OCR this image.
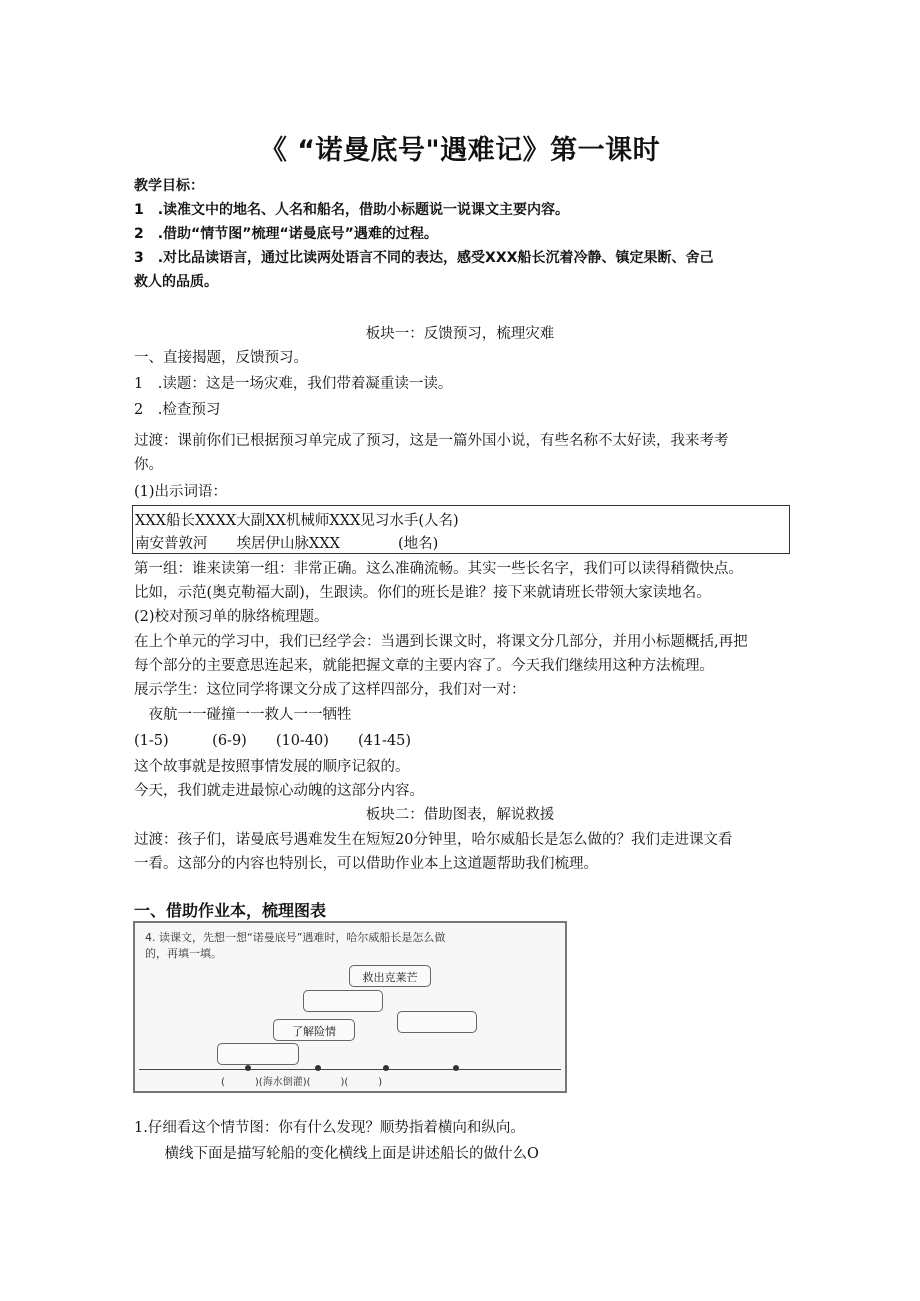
《 “诺曼底号"遇难记》第一课时
教学目标：
1　.读准文中的地名、人名和船名，借助小标题说一说课文主要内容。
2　.借助“情节图”梳理“诺曼底号”遇难的过程。
3　.对比品读语言，通过比读两处语言不同的表达，感受XXX船长沉着冷静、镇定果断、舍己
救人的品质。
板块一：反馈预习，梳理灾难
一、直接揭题，反馈预习。
1　.读题：这是一场灾难，我们带着凝重读一读。
2　.检查预习
过渡：课前你们已根据预习单完成了预习，这是一篇外国小说，有些名称不太好读，我来考考
你。
(1)出示词语：
XXX船长XXXX大副XX机械师XXX见习水手(人名)
南安普敦河　　埃居伊山脉XXX　　　　(地名)
第一组：谁来读第一组：非常正确。这么准确流畅。其实一些长名字，我们可以读得稍微快点。
比如，示范(奥克勒福大副)，生跟读。你们的班长是谁？接下来就请班长带领大家读地名。
(2)校对预习单的脉络梳理题。
在上个单元的学习中，我们已经学会：当遇到长课文时，将课文分几部分，并用小标题概括,再把
每个部分的主要意思连起来，就能把握文章的主要内容了。今天我们继续用这种方法梳理。
展示学生：这位同学将课文分成了这样四部分，我们对一对：
　夜航一一碰撞一一救人一一牺牲
(1-5)　　　(6-9)　　(10-40)　　(41-45)
这个故事就是按照事情发展的顺序记叙的。
今天，我们就走进最惊心动魄的这部分内容。
板块二：借助图表，解说救援
过渡：孩子们，诺曼底号遇难发生在短短20分钟里，哈尔威船长是怎么做的？我们走进课文看
一看。这部分的内容也特别长，可以借助作业本上这道题帮助我们梳理。
一、借助作业本，梳理图表
4. 读课文，先想一想“诺曼底号”遇难时，哈尔威船长是怎么做
的，再填一填。
救出克莱芒
了解险情
(　　　)(海水倒灌)(　　　)(　　　)
1.仔细看这个情节图：你有什么发现？顺势指着横向和纵向。
　横线下面是描写轮船的变化横线上面是讲述船长的做什么O
